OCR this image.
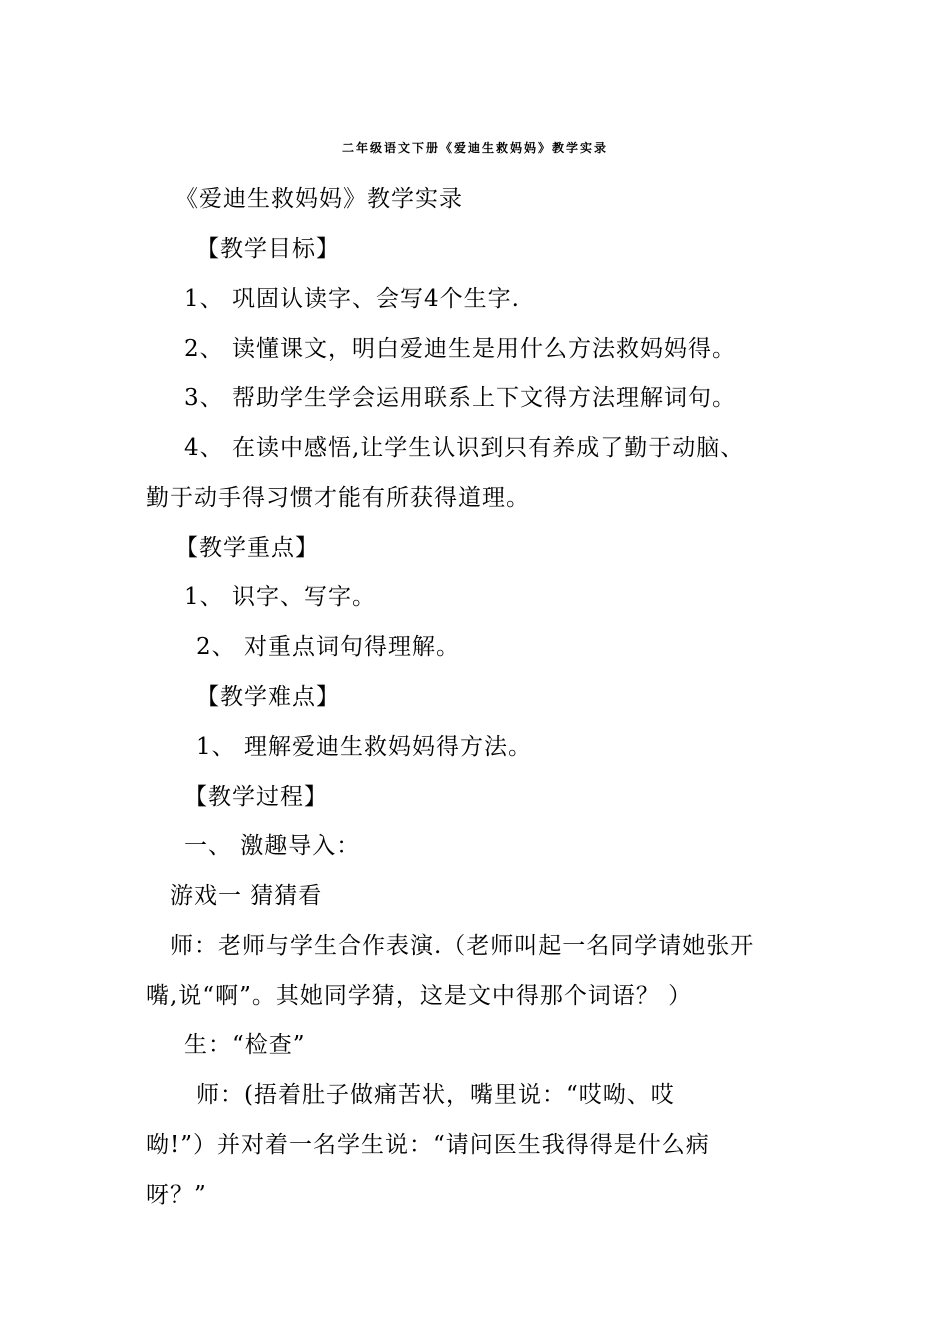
二年级语文下册《爱迪生救妈妈》教学实录
《爱迪生救妈妈》教学实录
【教学目标】
1、 巩固认读字、会写4个生字.
2、 读懂课文，明白爱迪生是用什么方法救妈妈得。
3、 帮助学生学会运用联系上下文得方法理解词句。
4、 在读中感悟,让学生认识到只有养成了勤于动脑、
勤于动手得习惯才能有所获得道理。
【教学重点】
1、 识字、写字。
2、 对重点词句得理解。
【教学难点】
1、 理解爱迪生救妈妈得方法。
【教学过程】
一、 激趣导入：
游戏一 猜猜看
师：老师与学生合作表演.（老师叫起一名同学请她张开
嘴,说“啊”。其她同学猜，这是文中得那个词语？ ）
生：“检查”
师：(捂着肚子做痛苦状，嘴里说：“哎呦、哎
呦!”）并对着一名学生说：“请问医生我得得是什么病
呀？”
